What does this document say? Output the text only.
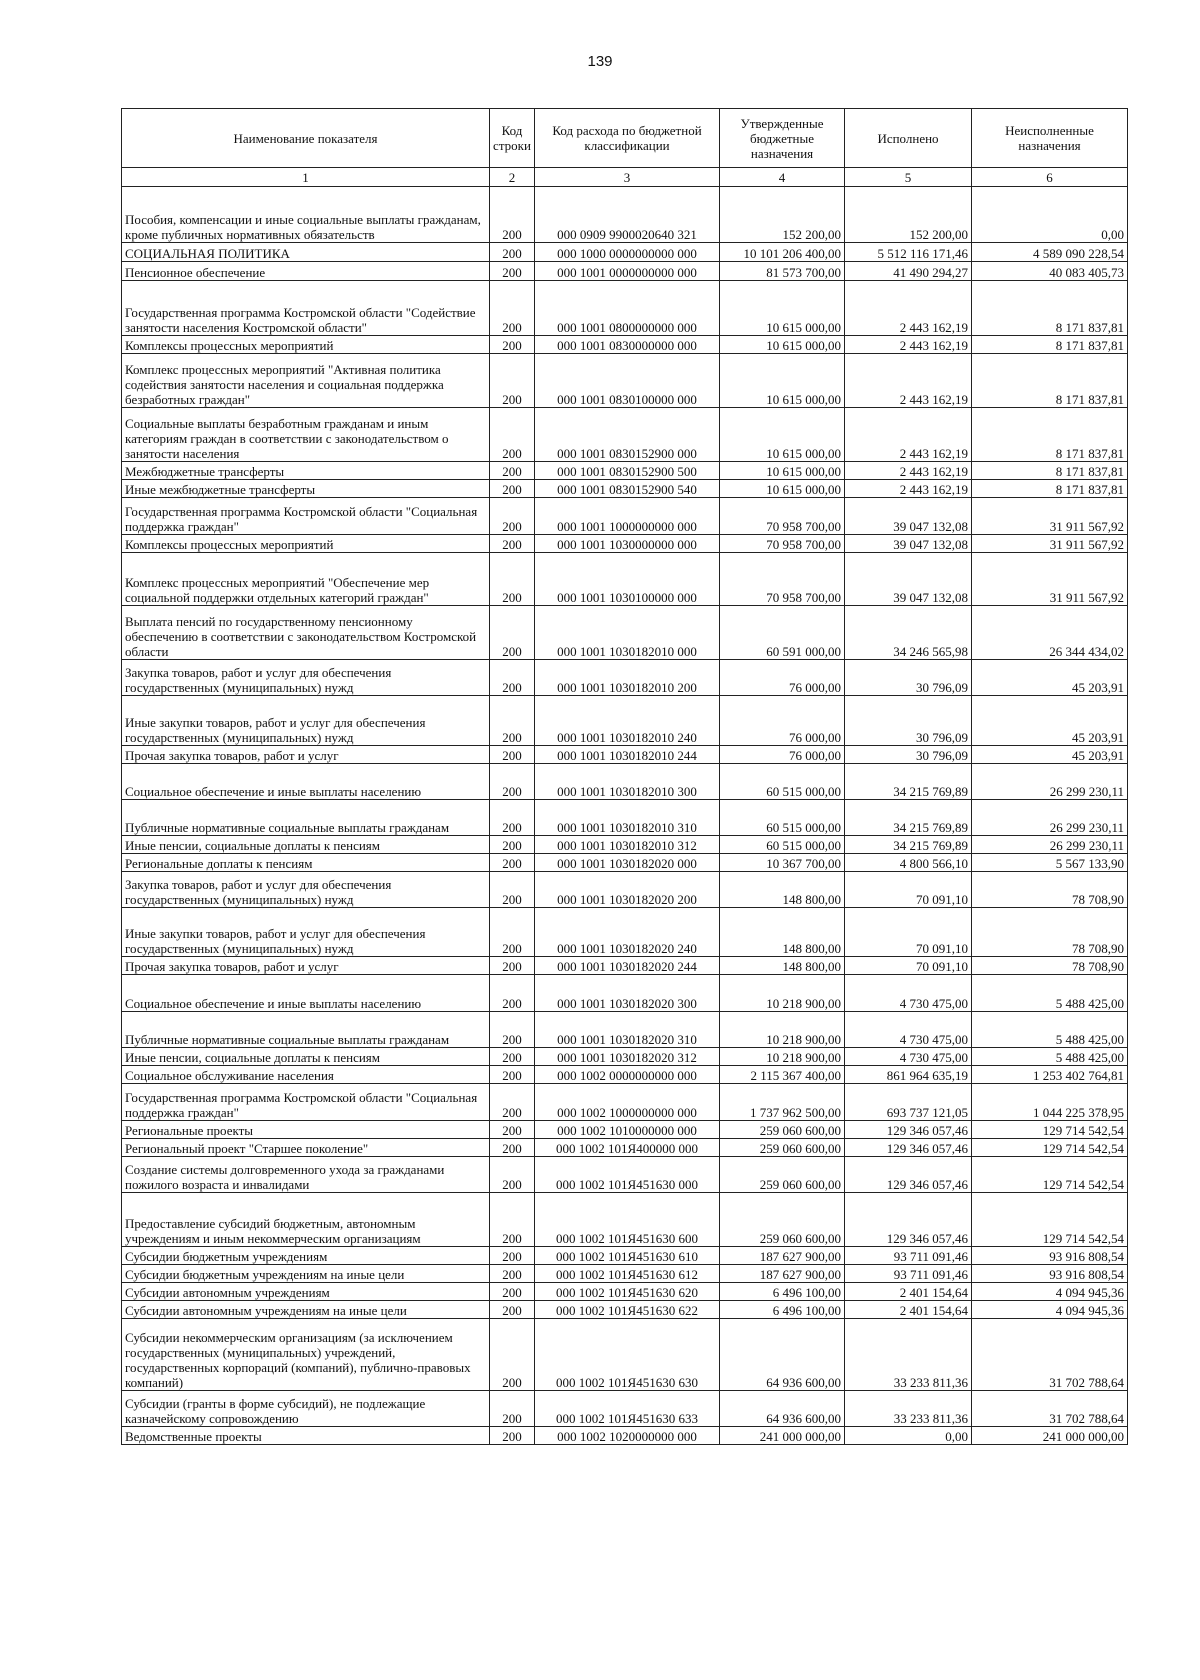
139
Наименование показателя	Код строки	Код расхода по бюджетной классификации	Утвержденные бюджетные назначения	Исполнено	Неисполненные назначения
1	2	3	4	5	6
Пособия, компенсации и иные социальные выплаты гражданам, кроме публичных нормативных обязательств	200	000 0909 9900020640 321	152 200,00	152 200,00	0,00
СОЦИАЛЬНАЯ ПОЛИТИКА	200	000 1000 0000000000 000	10 101 206 400,00	5 512 116 171,46	4 589 090 228,54
Пенсионное обеспечение	200	000 1001 0000000000 000	81 573 700,00	41 490 294,27	40 083 405,73
Государственная программа Костромской области "Содействие занятости населения Костромской области"	200	000 1001 0800000000 000	10 615 000,00	2 443 162,19	8 171 837,81
Комплексы процессных мероприятий	200	000 1001 0830000000 000	10 615 000,00	2 443 162,19	8 171 837,81
Комплекс процессных мероприятий "Активная политика содействия занятости населения и социальная поддержка безработных граждан"	200	000 1001 0830100000 000	10 615 000,00	2 443 162,19	8 171 837,81
Социальные выплаты безработным гражданам и иным категориям граждан в соответствии с законодательством о занятости населения	200	000 1001 0830152900 000	10 615 000,00	2 443 162,19	8 171 837,81
Межбюджетные трансферты	200	000 1001 0830152900 500	10 615 000,00	2 443 162,19	8 171 837,81
Иные межбюджетные трансферты	200	000 1001 0830152900 540	10 615 000,00	2 443 162,19	8 171 837,81
Государственная программа Костромской области "Социальная поддержка граждан"	200	000 1001 1000000000 000	70 958 700,00	39 047 132,08	31 911 567,92
Комплексы процессных мероприятий	200	000 1001 1030000000 000	70 958 700,00	39 047 132,08	31 911 567,92
Комплекс процессных мероприятий "Обеспечение мер социальной поддержки отдельных категорий граждан"	200	000 1001 1030100000 000	70 958 700,00	39 047 132,08	31 911 567,92
Выплата пенсий по государственному пенсионному обеспечению в соответствии с законодательством Костромской области	200	000 1001 1030182010 000	60 591 000,00	34 246 565,98	26 344 434,02
Закупка товаров, работ и услуг для обеспечения государственных (муниципальных) нужд	200	000 1001 1030182010 200	76 000,00	30 796,09	45 203,91
Иные закупки товаров, работ и услуг для обеспечения государственных (муниципальных) нужд	200	000 1001 1030182010 240	76 000,00	30 796,09	45 203,91
Прочая закупка товаров, работ и услуг	200	000 1001 1030182010 244	76 000,00	30 796,09	45 203,91
Социальное обеспечение и иные выплаты населению	200	000 1001 1030182010 300	60 515 000,00	34 215 769,89	26 299 230,11
Публичные нормативные социальные выплаты гражданам	200	000 1001 1030182010 310	60 515 000,00	34 215 769,89	26 299 230,11
Иные пенсии, социальные доплаты к пенсиям	200	000 1001 1030182010 312	60 515 000,00	34 215 769,89	26 299 230,11
Региональные доплаты к пенсиям	200	000 1001 1030182020 000	10 367 700,00	4 800 566,10	5 567 133,90
Закупка товаров, работ и услуг для обеспечения государственных (муниципальных) нужд	200	000 1001 1030182020 200	148 800,00	70 091,10	78 708,90
Иные закупки товаров, работ и услуг для обеспечения государственных (муниципальных) нужд	200	000 1001 1030182020 240	148 800,00	70 091,10	78 708,90
Прочая закупка товаров, работ и услуг	200	000 1001 1030182020 244	148 800,00	70 091,10	78 708,90
Социальное обеспечение и иные выплаты населению	200	000 1001 1030182020 300	10 218 900,00	4 730 475,00	5 488 425,00
Публичные нормативные социальные выплаты гражданам	200	000 1001 1030182020 310	10 218 900,00	4 730 475,00	5 488 425,00
Иные пенсии, социальные доплаты к пенсиям	200	000 1001 1030182020 312	10 218 900,00	4 730 475,00	5 488 425,00
Социальное обслуживание населения	200	000 1002 0000000000 000	2 115 367 400,00	861 964 635,19	1 253 402 764,81
Государственная программа Костромской области "Социальная поддержка граждан"	200	000 1002 1000000000 000	1 737 962 500,00	693 737 121,05	1 044 225 378,95
Региональные проекты	200	000 1002 1010000000 000	259 060 600,00	129 346 057,46	129 714 542,54
Региональный проект "Старшее поколение"	200	000 1002 101Я400000 000	259 060 600,00	129 346 057,46	129 714 542,54
Создание системы долговременного ухода за гражданами пожилого возраста и инвалидами	200	000 1002 101Я451630 000	259 060 600,00	129 346 057,46	129 714 542,54
Предоставление субсидий бюджетным, автономным учреждениям и иным некоммерческим организациям	200	000 1002 101Я451630 600	259 060 600,00	129 346 057,46	129 714 542,54
Субсидии бюджетным учреждениям	200	000 1002 101Я451630 610	187 627 900,00	93 711 091,46	93 916 808,54
Субсидии бюджетным учреждениям на иные цели	200	000 1002 101Я451630 612	187 627 900,00	93 711 091,46	93 916 808,54
Субсидии автономным учреждениям	200	000 1002 101Я451630 620	6 496 100,00	2 401 154,64	4 094 945,36
Субсидии автономным учреждениям на иные цели	200	000 1002 101Я451630 622	6 496 100,00	2 401 154,64	4 094 945,36
Субсидии некоммерческим организациям (за исключением государственных (муниципальных) учреждений, государственных корпораций (компаний), публично-правовых компаний)	200	000 1002 101Я451630 630	64 936 600,00	33 233 811,36	31 702 788,64
Субсидии (гранты в форме субсидий), не подлежащие казначейскому сопровождению	200	000 1002 101Я451630 633	64 936 600,00	33 233 811,36	31 702 788,64
Ведомственные проекты	200	000 1002 1020000000 000	241 000 000,00	0,00	241 000 000,00
